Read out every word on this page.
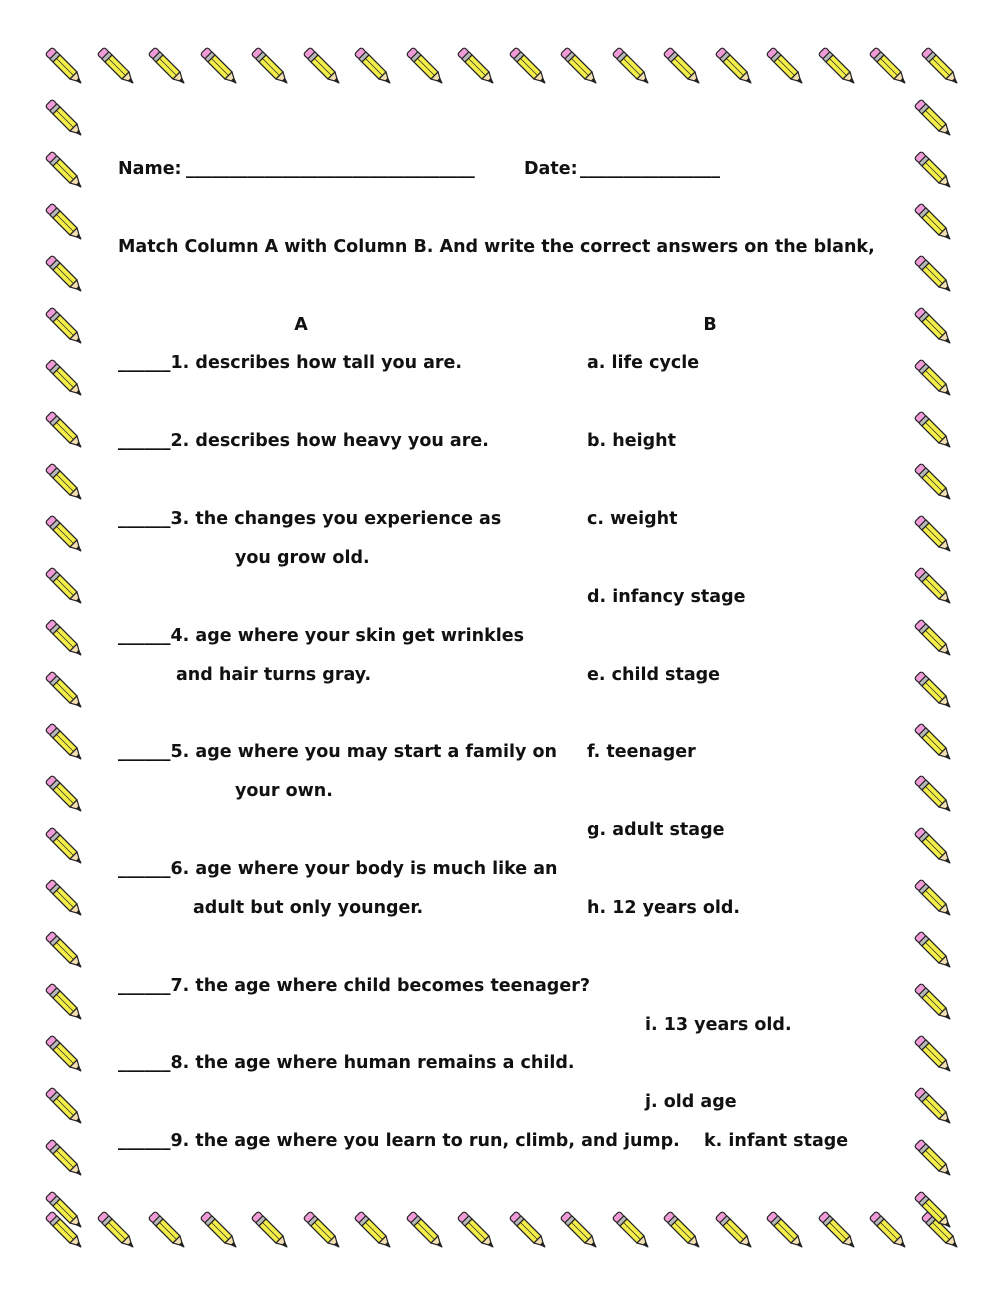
Name: _________________________________	Date: ________________
Match Column A with Column B. And write the correct answers on the blank,
A	B
______1. describes how tall you are.
______2. describes how heavy you are.
______3. the changes you experience as
you grow old.
______4. age where your skin get wrinkles
and hair turns gray.
______5. age where you may start a family on
your own.
______6. age where your body is much like an
adult but only younger.
______7. the age where child becomes teenager?
______8. the age where human remains a child.
______9. the age where you learn to run, climb, and jump.
a. life cycle
b. height
c. weight
d. infancy stage
e. child stage
f. teenager
g. adult stage
h. 12 years old.
i. 13 years old.
j. old age
k. infant stage
